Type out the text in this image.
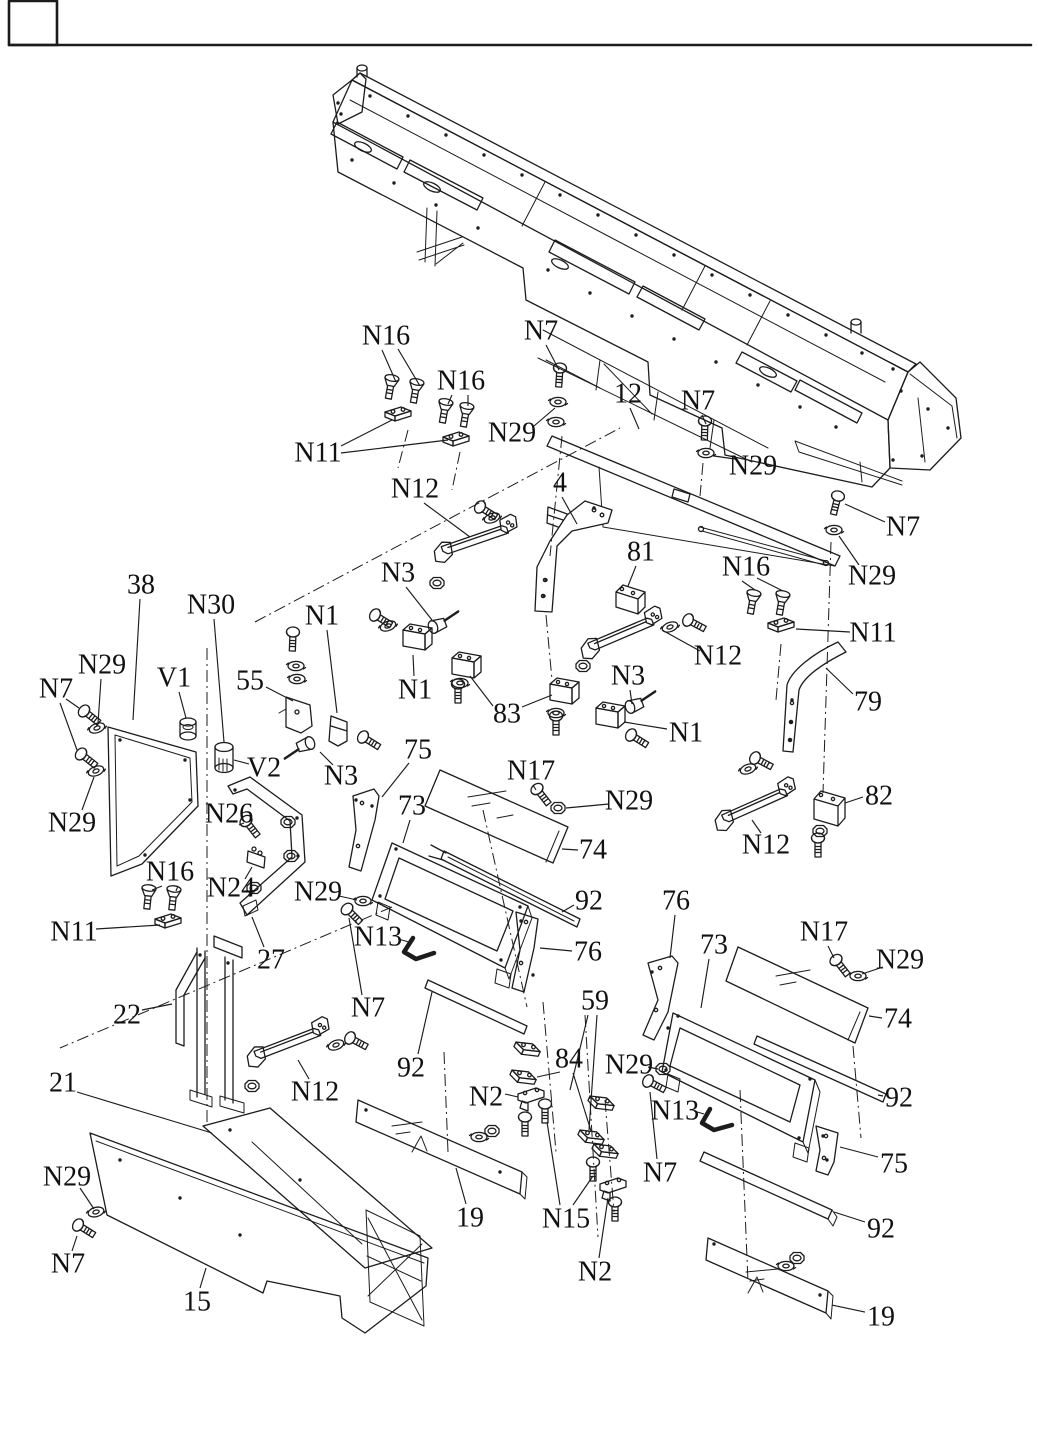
N16
N16
N7
N29
12 N7
N29
N11
N12	4
81
N7
N29
N16
N11
79
82
N12
38
N30 N1
N29 V1 55
N7
V2 N3
N29	N26
N24
N16
N11
27
N29
N13
N7
22
21	N12
75
73
N17
N29
74
92
76
59
84
N2
N29
N13
N7
19 N15
N2
N29
N7
15
92
19
75
92
74
N29
N17
76
73
N3
N1
83
N3
N1
N12
92
